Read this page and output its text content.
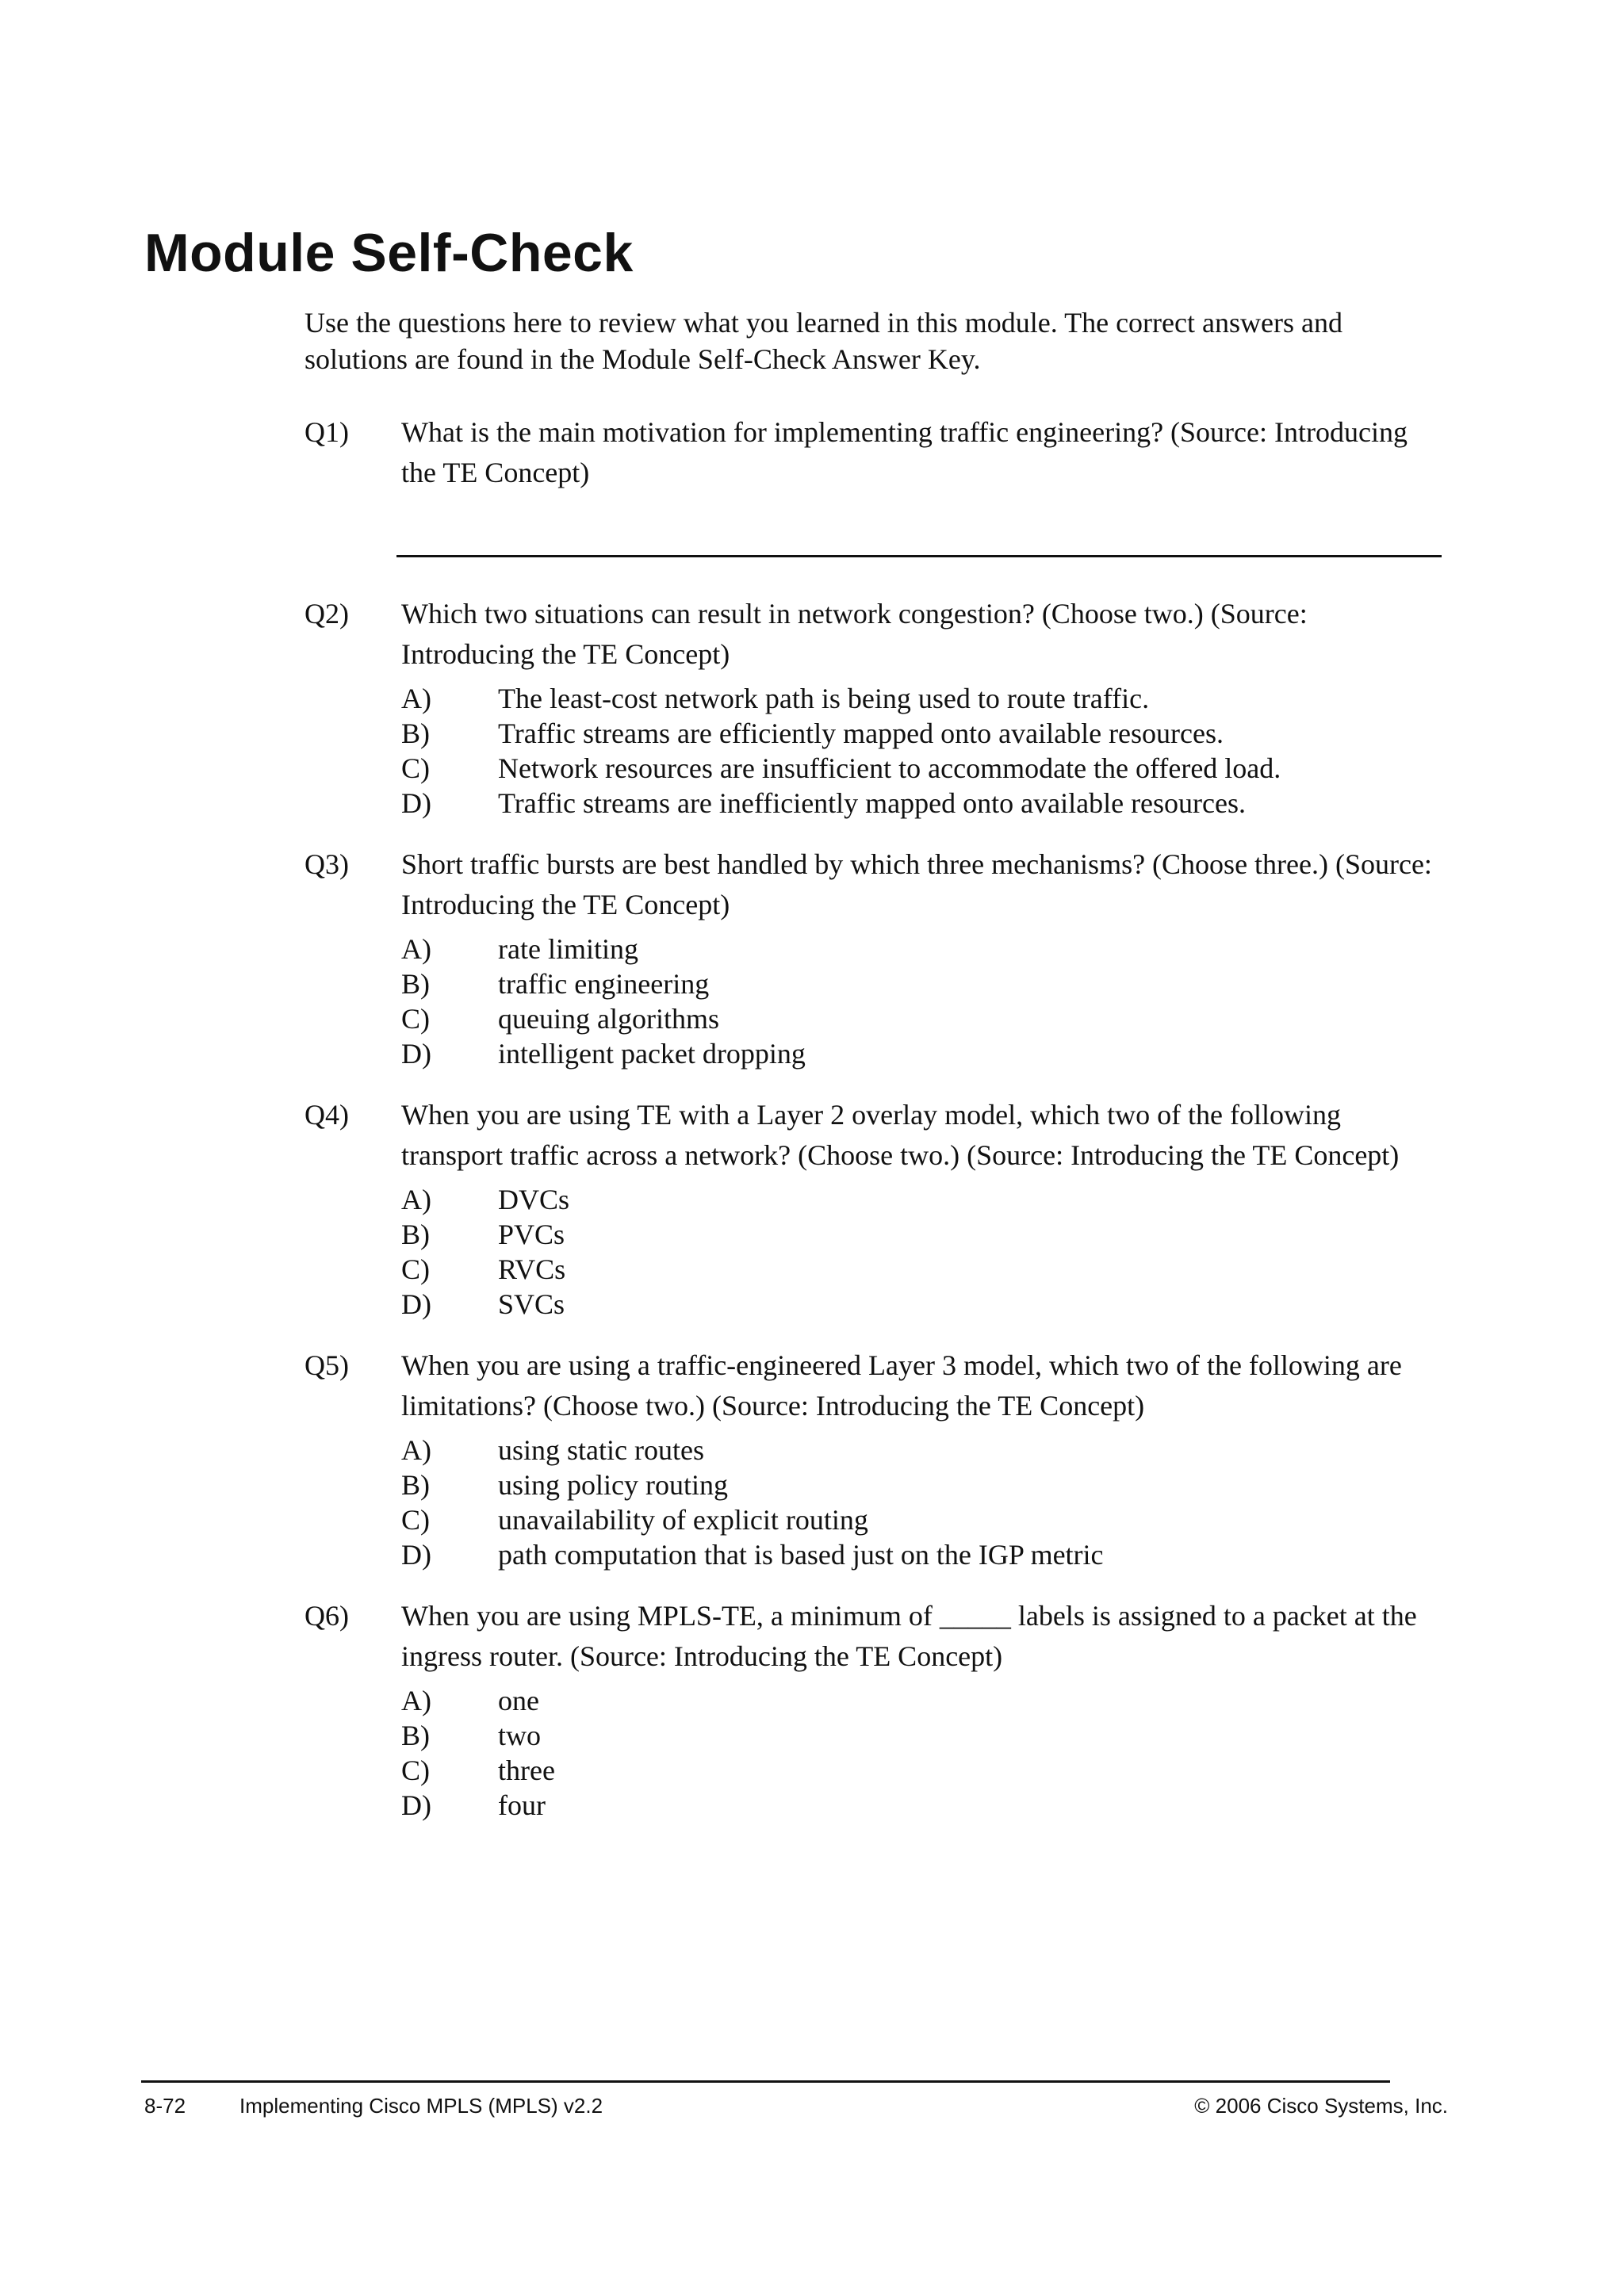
Module Self-Check

Use the questions here to review what you learned in this module. The correct answers and solutions are found in the Module Self-Check Answer Key.

Q1)	What is the main motivation for implementing traffic engineering? (Source: Introducing the TE Concept)
Q2)	Which two situations can result in network congestion? (Choose two.) (Source: Introducing the TE Concept)
A)	The least-cost network path is being used to route traffic.
B)	Traffic streams are efficiently mapped onto available resources.
C)	Network resources are insufficient to accommodate the offered load.
D)	Traffic streams are inefficiently mapped onto available resources.
Q3)	Short traffic bursts are best handled by which three mechanisms? (Choose three.) (Source: Introducing the TE Concept)
A)	rate limiting
B)	traffic engineering
C)	queuing algorithms
D)	intelligent packet dropping
Q4)	When you are using TE with a Layer 2 overlay model, which two of the following transport traffic across a network? (Choose two.) (Source: Introducing the TE Concept)
A)	DVCs
B)	PVCs
C)	RVCs
D)	SVCs
Q5)	When you are using a traffic-engineered Layer 3 model, which two of the following are limitations? (Choose two.) (Source: Introducing the TE Concept)
A)	using static routes
B)	using policy routing
C)	unavailability of explicit routing
D)	path computation that is based just on the IGP metric
Q6)	When you are using MPLS-TE, a minimum of _____ labels is assigned to a packet at the ingress router. (Source: Introducing the TE Concept)
A)	one
B)	two
C)	three
D)	four
8-72	Implementing Cisco MPLS (MPLS) v2.2	© 2006 Cisco Systems, Inc.
